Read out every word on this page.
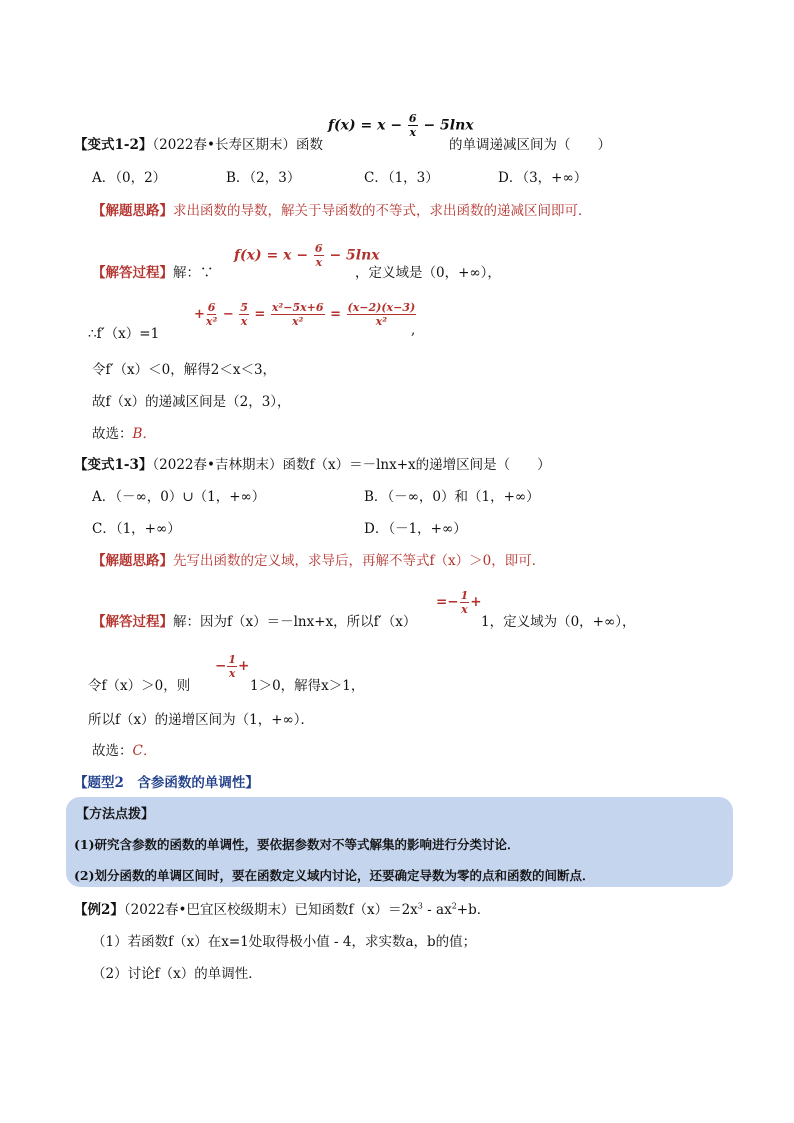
$f(x) = x - \frac{6}{x} - 5\ln x$
【变式1-2】（2022春•长寿区期末）函数	的单调递减区间为（　　）
A．（0，2）	B．（2，3）	C．（1，3）	D．（3，+∞）
【解题思路】求出函数的导数，解关于导函数的不等式，求出函数的递减区间即可．
【解答过程】解：∵
$f(x) = x - \frac{6}{x} - 5\ln x$
，定义域是（0，+∞），
∴f′（x）=1
+ $\frac{6}{\text{x²}} - \frac{5}{x} = \frac{\text{x²−5x+6}}{\text{x²}} = \frac{(x-2)(x-3)}{\text{x²}}$
,
令f′（x）＜0，解得2＜x＜3，
故f（x）的递减区间是（2，3），
故选：B．
【变式1-3】（2022春•吉林期末）函数f（x）＝－lnx+x的递增区间是（　　）
A．（－∞，0）∪（1，+∞）	B．（－∞，0）和（1，+∞）
C．（1，+∞）	D．（－1，+∞）
【解题思路】先写出函数的定义域，求导后，再解不等式f（x）＞0，即可．
【解答过程】解：因为f（x）＝－lnx+x，所以f′（x）
=− $\frac{1}{x}$ +
1，定义域为（0，+∞），
令f（x）＞0，则
− $\frac{1}{x}$ +
1＞0，解得x＞1，
所以f（x）的递增区间为（1，+∞）．
故选：C．
【题型2　含参函数的单调性】
【方法点拨】
(1)研究含参数的函数的单调性，要依据参数对不等式解集的影响进行分类讨论．
(2)划分函数的单调区间时，要在函数定义域内讨论，还要确定导数为零的点和函数的间断点．
【例2】（2022春•巴宜区校级期末）已知函数$f(x)=2x^3 - ax^2+b$．
（1）若函数f（x）在x=1处取得极小值 - 4，求实数a，b的值；
（2）讨论f（x）的单调性．
